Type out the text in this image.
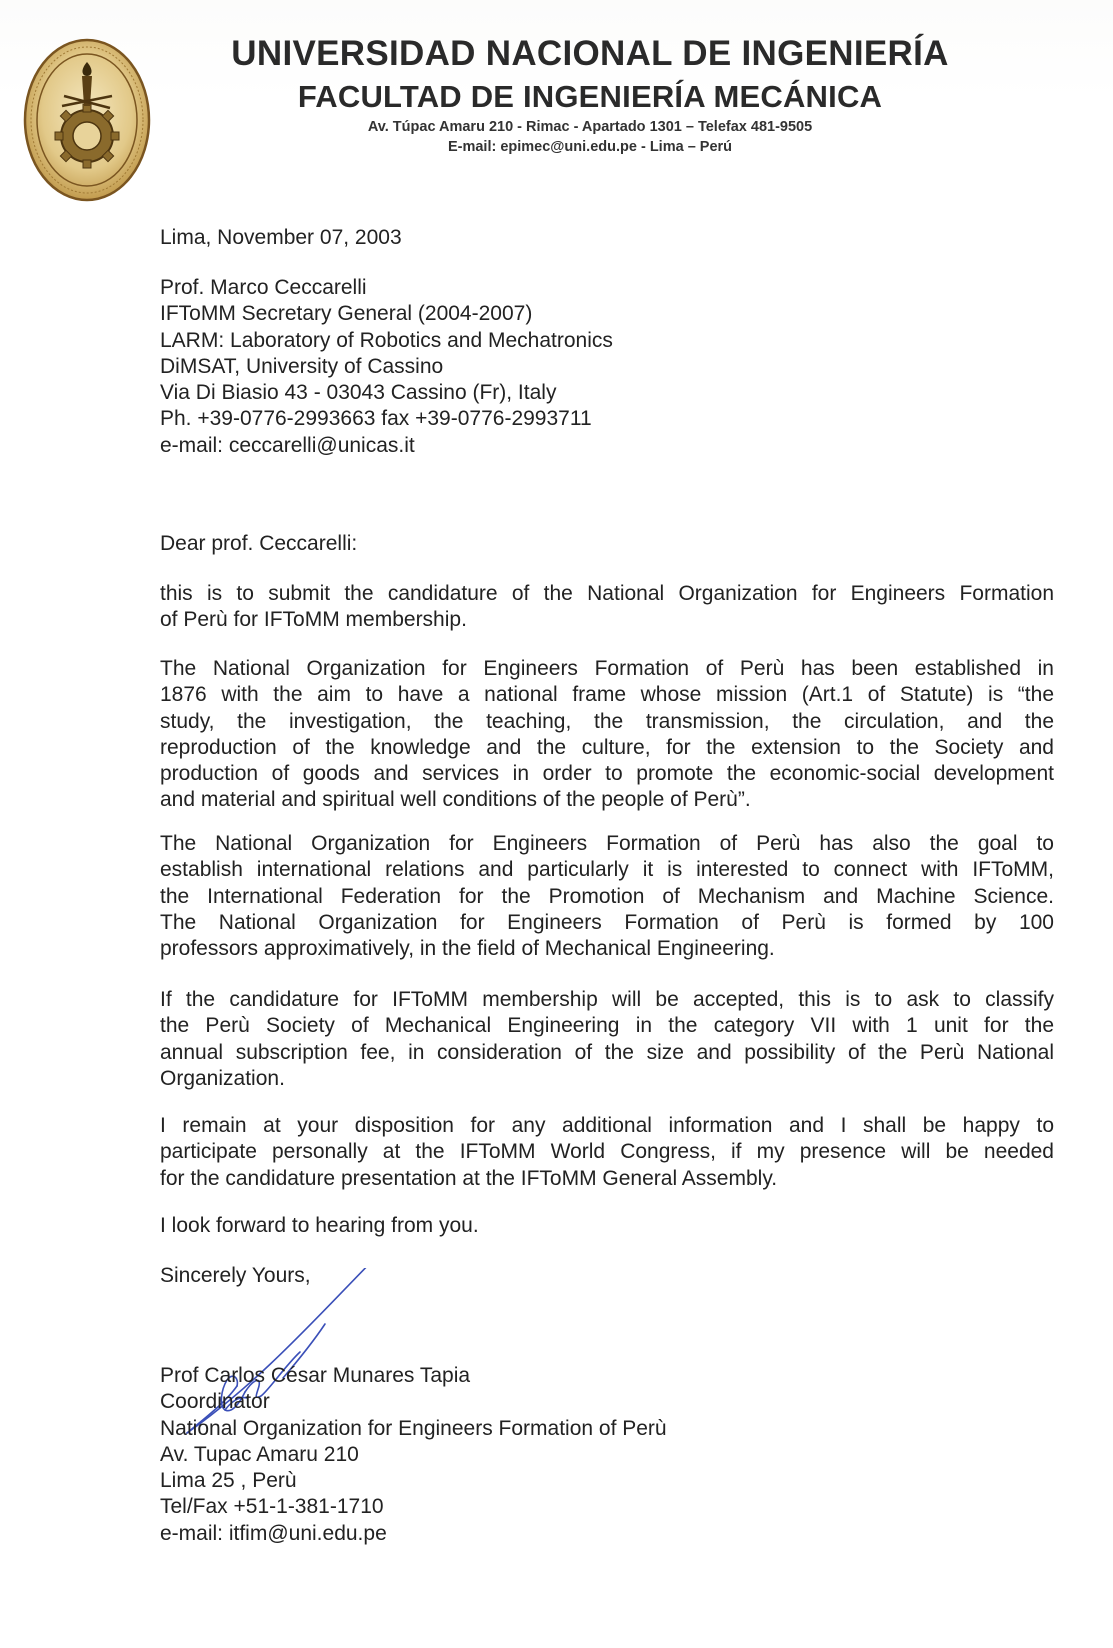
UNIVERSIDAD NACIONAL DE INGENIERÍA
FACULTAD DE INGENIERÍA MECÁNICA
Av. Túpac Amaru 210 - Rimac - Apartado 1301 – Telefax 481-9505
E-mail: epimec@uni.edu.pe - Lima – Perú
Lima, November 07, 2003
Prof. Marco Ceccarelli
IFToMM Secretary General (2004-2007)
LARM: Laboratory of Robotics and Mechatronics
DiMSAT, University of Cassino
Via Di Biasio 43 - 03043 Cassino (Fr), Italy
Ph. +39-0776-2993663 fax +39-0776-2993711
e-mail: ceccarelli@unicas.it
Dear prof. Ceccarelli:
this is to submit the candidature of the National Organization for Engineers Formation
of Perù for IFToMM membership.
The National Organization for Engineers Formation of Perù has been established in
1876 with the aim to have a national frame whose mission (Art.1 of Statute) is “the
study, the investigation, the teaching, the transmission, the circulation, and the
reproduction of the knowledge and the culture, for the extension to the Society and
production of goods and services in order to promote the economic-social development
and material and spiritual well conditions of the people of Perù”.
The National Organization for Engineers Formation of Perù has also the goal to
establish international relations and particularly it is interested to connect with IFToMM,
the International Federation for the Promotion of Mechanism and Machine Science.
The National Organization for Engineers Formation of Perù is formed by 100
professors approximatively, in the field of Mechanical Engineering.
If the candidature for IFToMM membership will be accepted, this is to ask to classify
the Perù Society of Mechanical Engineering in the category VII with 1 unit for the
annual subscription fee, in consideration of the size and possibility of the Perù National
Organization.
I remain at your disposition for any additional information and I shall be happy to
participate personally at the IFToMM World Congress, if my presence will be needed
for the candidature presentation at the IFToMM General Assembly.
I look forward to hearing from you.
Sincerely Yours,
Prof Carlos César Munares Tapia
Coordinator
National Organization for Engineers Formation of Perù
Av. Tupac Amaru 210
Lima 25 , Perù
Tel/Fax +51-1-381-1710
e-mail: itfim@uni.edu.pe
